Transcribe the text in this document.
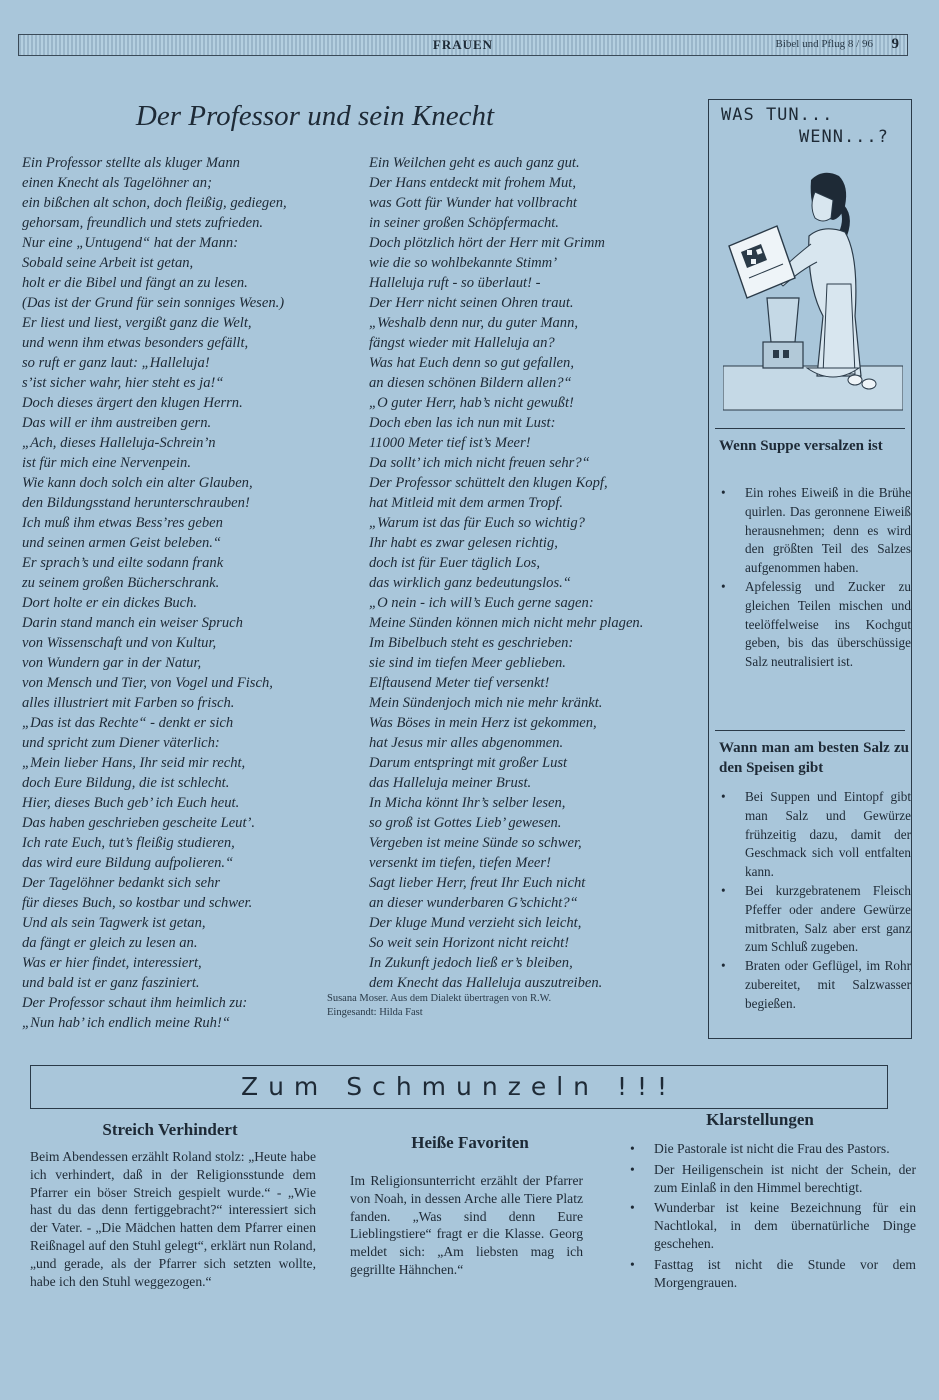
FRAUEN	Bibel und Pflug 8 / 96 9
Der Professor und sein Knecht
Ein Professor stellte als kluger Mann
einen Knecht als Tagelöhner an;
ein bißchen alt schon, doch fleißig, gediegen,
gehorsam, freundlich und stets zufrieden.
Nur eine „Untugend“ hat der Mann:
Sobald seine Arbeit ist getan,
holt er die Bibel und fängt an zu lesen.
(Das ist der Grund für sein sonniges Wesen.)
Er liest und liest, vergißt ganz die Welt,
und wenn ihm etwas besonders gefällt,
so ruft er ganz laut: „Halleluja!
s’ist sicher wahr, hier steht es ja!“
Doch dieses ärgert den klugen Herrn.
Das will er ihm austreiben gern.
„Ach, dieses Halleluja-Schrein’n
ist für mich eine Nervenpein.
Wie kann doch solch ein alter Glauben,
den Bildungsstand herunterschrauben!
Ich muß ihm etwas Bess’res geben
und seinen armen Geist beleben.“
Er sprach’s und eilte sodann frank
zu seinem großen Bücherschrank.
Dort holte er ein dickes Buch.
Darin stand manch ein weiser Spruch
von Wissenschaft und von Kultur,
von Wundern gar in der Natur,
von Mensch und Tier, von Vogel und Fisch,
alles illustriert mit Farben so frisch.
„Das ist das Rechte“ - denkt er sich
und spricht zum Diener väterlich:
„Mein lieber Hans, Ihr seid mir recht,
doch Eure Bildung, die ist schlecht.
Hier, dieses Buch geb’ ich Euch heut.
Das haben geschrieben gescheite Leut’.
Ich rate Euch, tut’s fleißig studieren,
das wird eure Bildung aufpolieren.“
Der Tagelöhner bedankt sich sehr
für dieses Buch, so kostbar und schwer.
Und als sein Tagwerk ist getan,
da fängt er gleich zu lesen an.
Was er hier findet, interessiert,
und bald ist er ganz fasziniert.
Der Professor schaut ihm heimlich zu:
„Nun hab’ ich endlich meine Ruh!“
Ein Weilchen geht es auch ganz gut.
Der Hans entdeckt mit frohem Mut,
was Gott für Wunder hat vollbracht
in seiner großen Schöpfermacht.
Doch plötzlich hört der Herr mit Grimm
wie die so wohlbekannte Stimm’
Halleluja ruft - so überlaut! -
Der Herr nicht seinen Ohren traut.
„Weshalb denn nur, du guter Mann,
fängst wieder mit Halleluja an?
Was hat Euch denn so gut gefallen,
an diesen schönen Bildern allen?“
„O guter Herr, hab’s nicht gewußt!
Doch eben las ich nun mit Lust:
11000 Meter tief ist’s Meer!
Da sollt’ ich mich nicht freuen sehr?“
Der Professor schüttelt den klugen Kopf,
hat Mitleid mit dem armen Tropf.
„Warum ist das für Euch so wichtig?
Ihr habt es zwar gelesen richtig,
doch ist für Euer täglich Los,
das wirklich ganz bedeutungslos.“
„O nein - ich will’s Euch gerne sagen:
Meine Sünden können mich nicht mehr plagen.
Im Bibelbuch steht es geschrieben:
sie sind im tiefen Meer geblieben.
Elftausend Meter tief versenkt!
Mein Sündenjoch mich nie mehr kränkt.
Was Böses in mein Herz ist gekommen,
hat Jesus mir alles abgenommen.
Darum entspringt mit großer Lust
das Halleluja meiner Brust.
In Micha könnt Ihr’s selber lesen,
so groß ist Gottes Lieb’ gewesen.
Vergeben ist meine Sünde so schwer,
versenkt im tiefen, tiefen Meer!
Sagt lieber Herr, freut Ihr Euch nicht
an dieser wunderbaren G’schicht?“
Der kluge Mund verzieht sich leicht,
So weit sein Horizont nicht reicht!
In Zukunft jedoch ließ er’s bleiben,
dem Knecht das Halleluja auszutreiben.
Susana Moser. Aus dem Dialekt übertragen von R.W.
Eingesandt: Hilda Fast
WAS TUN...
WENN...?
Wenn Suppe versalzen ist
• Ein rohes Eiweiß in die Brühe quirlen. Das geronnene Eiweiß herausnehmen; denn es wird den größten Teil des Salzes aufgenommen haben.
• Apfelessig und Zucker zu gleichen Teilen mischen und teelöffelweise ins Kochgut geben, bis das überschüssige Salz neutralisiert ist.
Wann man am besten Salz zu den Speisen gibt
• Bei Suppen und Eintopf gibt man Salz und Gewürze frühzeitig dazu, damit der Geschmack sich voll entfalten kann.
• Bei kurzgebratenem Fleisch Pfeffer oder andere Gewürze mitbraten, Salz aber erst ganz zum Schluß zugeben.
• Braten oder Geflügel, im Rohr zubereitet, mit Salzwasser begießen.
Zum Schmunzeln !!!
Streich Verhindert
Beim Abendessen erzählt Roland stolz: „Heute habe ich verhindert, daß in der Religionsstunde dem Pfarrer ein böser Streich gespielt wurde.“ - „Wie hast du das denn fertiggebracht?“ interessiert sich der Vater. - „Die Mädchen hatten dem Pfarrer einen Reißnagel auf den Stuhl gelegt“, erklärt nun Roland, „und gerade, als der Pfarrer sich setzten wollte, habe ich den Stuhl weggezogen.“
Heiße Favoriten
Im Religionsunterricht erzählt der Pfarrer von Noah, in dessen Arche alle Tiere Platz fanden. „Was sind denn Eure Lieblingstiere“ fragt er die Klasse. Georg meldet sich: „Am liebsten mag ich gegrillte Hähnchen.“
Klarstellungen
• Die Pastorale ist nicht die Frau des Pastors.
• Der Heiligenschein ist nicht der Schein, der zum Einlaß in den Himmel berechtigt.
• Wunderbar ist keine Bezeichnung für ein Nachtlokal, in dem übernatürliche Dinge geschehen.
• Fasttag ist nicht die Stunde vor dem Morgengrauen.
